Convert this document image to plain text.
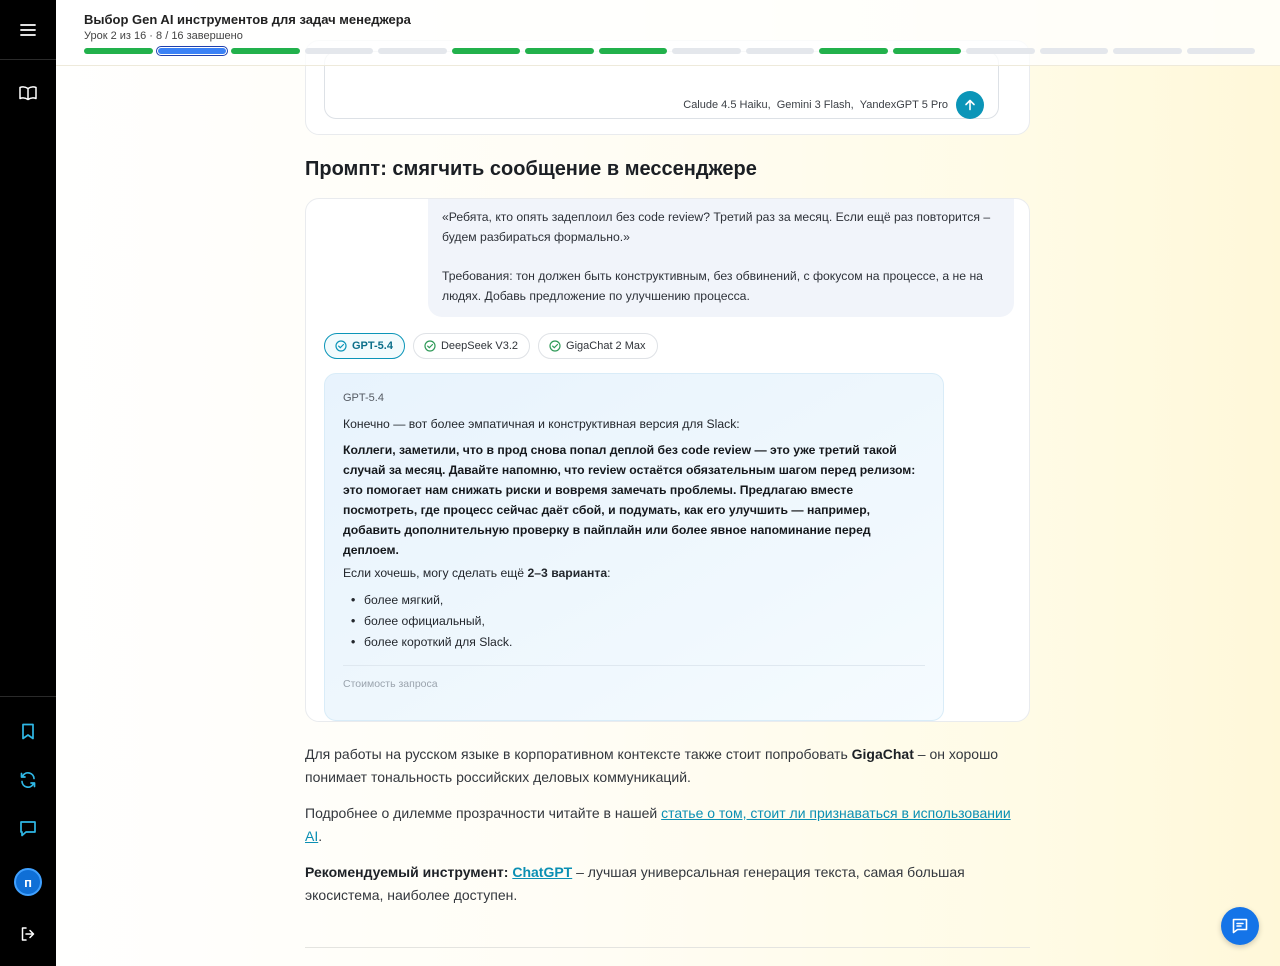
п
Выбор Gen AI инструментов для задач менеджера
Урок 2 из 16 · 8 / 16 завершено
Calude 4.5 Haiku, Gemini 3 Flash, YandexGPT 5 Pro
Промпт: смягчить сообщение в мессенджере

«Ребята, кто опять задеплоил без code review? Третий раз за месяц. Если ещё раз повторится – будем разбираться формально.»

Требования: тон должен быть конструктивным, без обвинений, с фокусом на процессе, а не на людях. Добавь предложение по улучшению процесса.

GPT-5.4	DeepSeek V3.2	GigaChat 2 Max
GPT-5.4
Конечно — вот более эмпатичная и конструктивная версия для Slack:
Коллеги, заметили, что в прод снова попал деплой без code review — это уже третий такой случай за месяц. Давайте напомню, что review остаётся обязательным шагом перед релизом: это помогает нам снижать риски и вовремя замечать проблемы. Предлагаю вместе посмотреть, где процесс сейчас даёт сбой, и подумать, как его улучшить — например, добавить дополнительную проверку в пайплайн или более явное напоминание перед деплоем.
Если хочешь, могу сделать ещё 2–3 варианта:
• более мягкий,
• более официальный,
• более короткий для Slack.
Стоимость запроса
Для работы на русском языке в корпоративном контексте также стоит попробовать GigaChat – он хорошо понимает тональность российских деловых коммуникаций.
Подробнее о дилемме прозрачности читайте в нашей статье о том, стоит ли признаваться в использовании AI.
Рекомендуемый инструмент: ChatGPT – лучшая универсальная генерация текста, самая большая экосистема, наиболее доступен.
